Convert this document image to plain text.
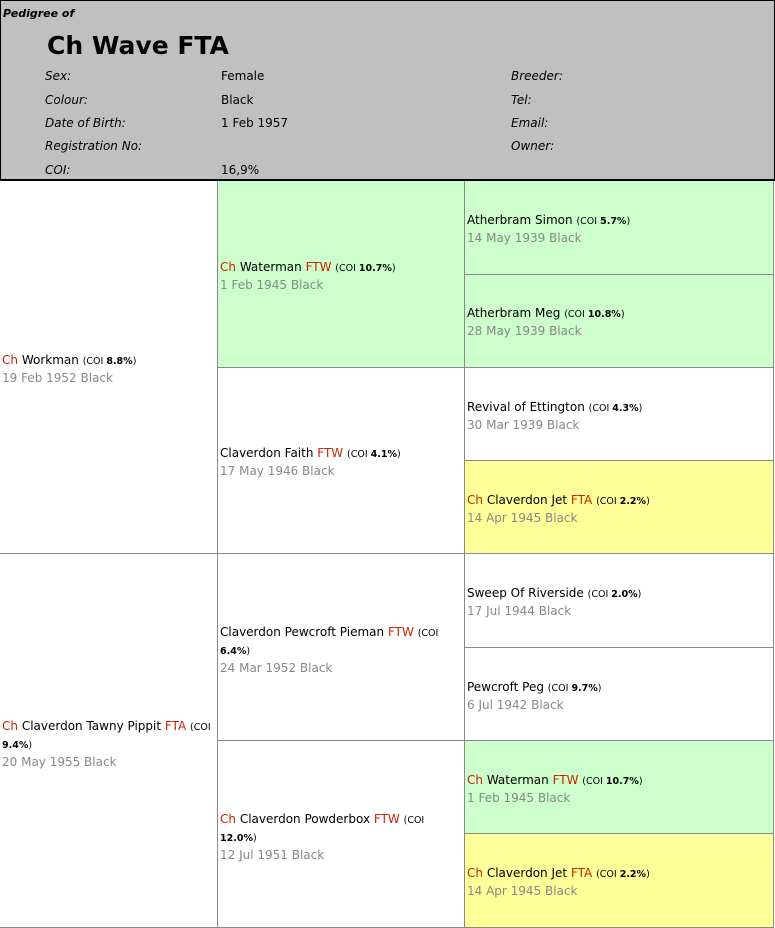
Pedigree of
Ch Wave FTA
Sex:	Female
Colour:	Black
Date of Birth:	1 Feb 1957
Registration No:
COI:	16,9%
Breeder:
Tel:
Email:
Owner:
Ch Workman (COI 8.8%)
19 Feb 1952 Black
Ch Claverdon Tawny Pippit FTA (COI 9.4%)
20 May 1955 Black
Ch Waterman FTW (COI 10.7%)
1 Feb 1945 Black
Claverdon Faith FTW (COI 4.1%)
17 May 1946 Black
Claverdon Pewcroft Pieman FTW (COI 6.4%)
24 Mar 1952 Black
Ch Claverdon Powderbox FTW (COI 12.0%)
12 Jul 1951 Black
Atherbram Simon (COI 5.7%)
14 May 1939 Black
Atherbram Meg (COI 10.8%)
28 May 1939 Black
Revival of Ettington (COI 4.3%)
30 Mar 1939 Black
Ch Claverdon Jet FTA (COI 2.2%)
14 Apr 1945 Black
Sweep Of Riverside (COI 2.0%)
17 Jul 1944 Black
Pewcroft Peg (COI 9.7%)
6 Jul 1942 Black
Ch Waterman FTW (COI 10.7%)
1 Feb 1945 Black
Ch Claverdon Jet FTA (COI 2.2%)
14 Apr 1945 Black
